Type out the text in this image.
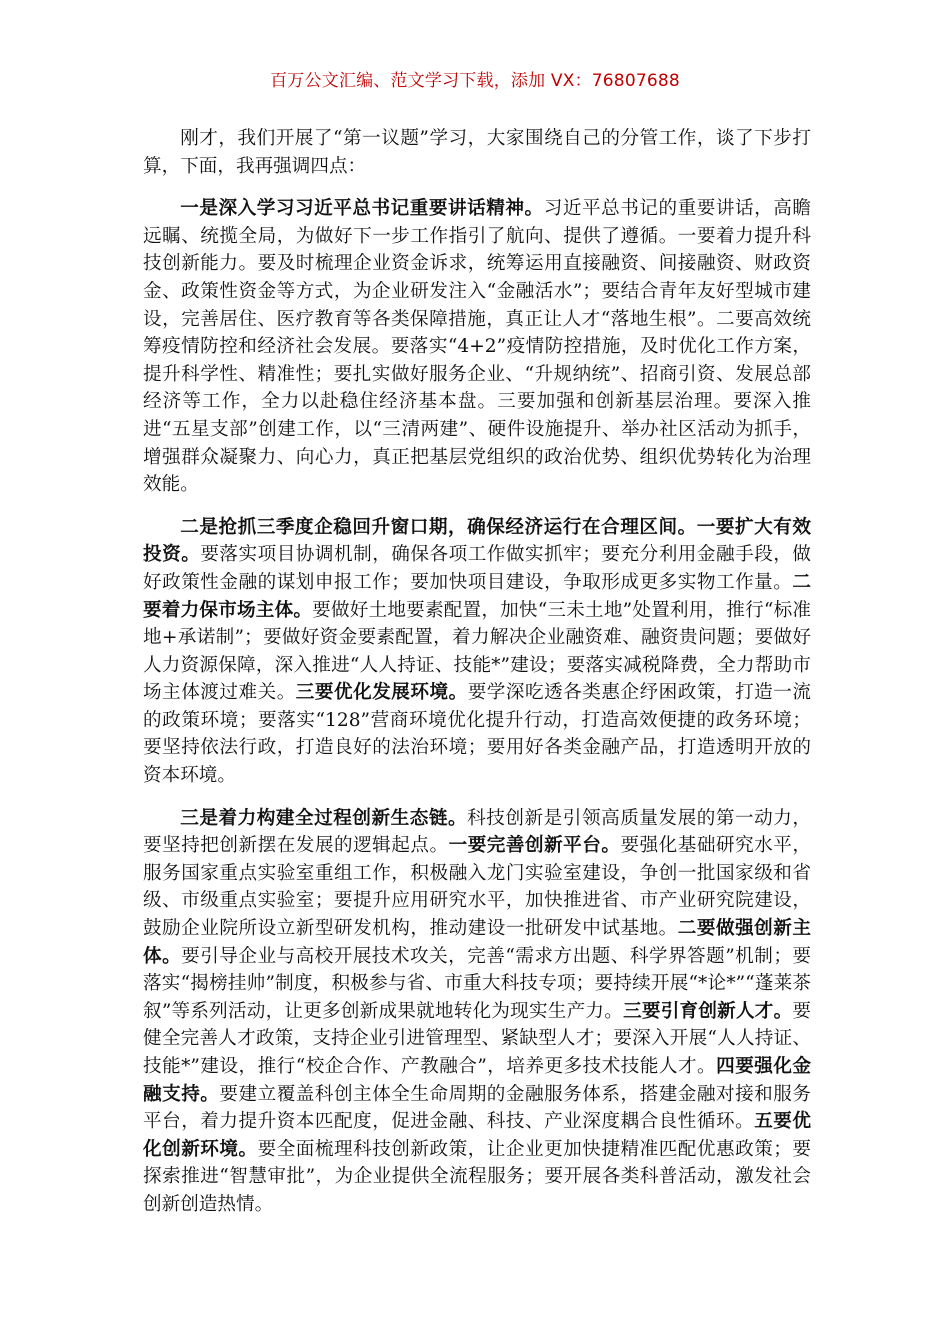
百万公文汇编、范文学习下载，添加 VX：76807688

刚才，我们开展了“第一议题”学习，大家围绕自己的分管工作，谈了下步打算，下面，我再强调四点：

一是深入学习习近平总书记重要讲话精神。习近平总书记的重要讲话，高瞻远瞩、统揽全局，为做好下一步工作指引了航向、提供了遵循。一要着力提升科技创新能力。要及时梳理企业资金诉求，统筹运用直接融资、间接融资、财政资金、政策性资金等方式，为企业研发注入“金融活水”；要结合青年友好型城市建设，完善居住、医疗教育等各类保障措施，真正让人才“落地生根”。二要高效统筹疫情防控和经济社会发展。要落实“4+2”疫情防控措施，及时优化工作方案，提升科学性、精准性；要扎实做好服务企业、“升规纳统”、招商引资、发展总部经济等工作，全力以赴稳住经济基本盘。三要加强和创新基层治理。要深入推进“五星支部”创建工作，以“三清两建”、硬件设施提升、举办社区活动为抓手，增强群众凝聚力、向心力，真正把基层党组织的政治优势、组织优势转化为治理效能。

二是抢抓三季度企稳回升窗口期，确保经济运行在合理区间。一要扩大有效投资。要落实项目协调机制，确保各项工作做实抓牢；要充分利用金融手段，做好政策性金融的谋划申报工作；要加快项目建设，争取形成更多实物工作量。二要着力保市场主体。要做好土地要素配置，加快“三未土地”处置利用，推行“标准地+承诺制”；要做好资金要素配置，着力解决企业融资难、融资贵问题；要做好人力资源保障，深入推进“人人持证、技能*”建设；要落实减税降费，全力帮助市场主体渡过难关。三要优化发展环境。要学深吃透各类惠企纾困政策，打造一流的政策环境；要落实“128”营商环境优化提升行动，打造高效便捷的政务环境；要坚持依法行政，打造良好的法治环境；要用好各类金融产品，打造透明开放的资本环境。

三是着力构建全过程创新生态链。科技创新是引领高质量发展的第一动力，要坚持把创新摆在发展的逻辑起点。一要完善创新平台。要强化基础研究水平，服务国家重点实验室重组工作，积极融入龙门实验室建设，争创一批国家级和省级、市级重点实验室；要提升应用研究水平，加快推进省、市产业研究院建设，鼓励企业院所设立新型研发机构，推动建设一批研发中试基地。二要做强创新主体。要引导企业与高校开展技术攻关，完善“需求方出题、科学界答题”机制；要落实“揭榜挂帅”制度，积极参与省、市重大科技专项；要持续开展“*论*”“蓬莱茶叙”等系列活动，让更多创新成果就地转化为现实生产力。三要引育创新人才。要健全完善人才政策，支持企业引进管理型、紧缺型人才；要深入开展“人人持证、技能*”建设，推行“校企合作、产教融合”，培养更多技术技能人才。四要强化金融支持。要建立覆盖科创主体全生命周期的金融服务体系，搭建金融对接和服务平台，着力提升资本匹配度，促进金融、科技、产业深度耦合良性循环。五要优化创新环境。要全面梳理科技创新政策，让企业更加快捷精准匹配优惠政策；要探索推进“智慧审批”，为企业提供全流程服务；要开展各类科普活动，激发社会创新创造热情。
